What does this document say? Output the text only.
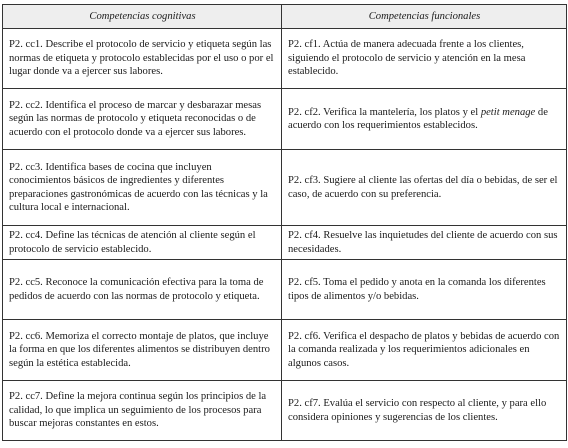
Competencias cognitivas	Competencias funcionales
P2. cc1. Describe el protocolo de servicio y etiqueta según las normas de etiqueta y protocolo establecidas por el uso o por el lugar donde va a ejercer sus labores.	P2. cf1. Actúa de manera adecuada frente a los clientes, siguiendo el protocolo de servicio y atención en la mesa establecido.
P2. cc2. Identifica el proceso de marcar y desbarazar mesas según las normas de protocolo y etiqueta reconocidas o de acuerdo con el protocolo donde va a ejercer sus labores.	P2. cf2. Verifica la mantelería, los platos y el petit menage de acuerdo con los requerimientos establecidos.
P2. cc3. Identifica bases de cocina que incluyen conocimientos básicos de ingredientes y diferentes preparaciones gastronómicas de acuerdo con las técnicas y la cultura local e internacional.	P2. cf3. Sugiere al cliente las ofertas del día o bebidas, de ser el caso, de acuerdo con su preferencia.
P2. cc4. Define las técnicas de atención al cliente según el protocolo de servicio establecido.	P2. cf4. Resuelve las inquietudes del cliente de acuerdo con sus necesidades.
P2. cc5. Reconoce la comunicación efectiva para la toma de pedidos de acuerdo con las normas de protocolo y etiqueta.	P2. cf5. Toma el pedido y anota en la comanda los diferentes tipos de alimentos y/o bebidas.
P2. cc6. Memoriza el correcto montaje de platos, que incluye la forma en que los diferentes alimentos se distribuyen dentro según la estética establecida.	P2. cf6. Verifica el despacho de platos y bebidas de acuerdo con la comanda realizada y los requerimientos adicionales en algunos casos.
P2. cc7. Define la mejora continua según los principios de la calidad, lo que implica un seguimiento de los procesos para buscar mejoras constantes en estos.	P2. cf7. Evalúa el servicio con respecto al cliente, y para ello considera opiniones y sugerencias de los clientes.
